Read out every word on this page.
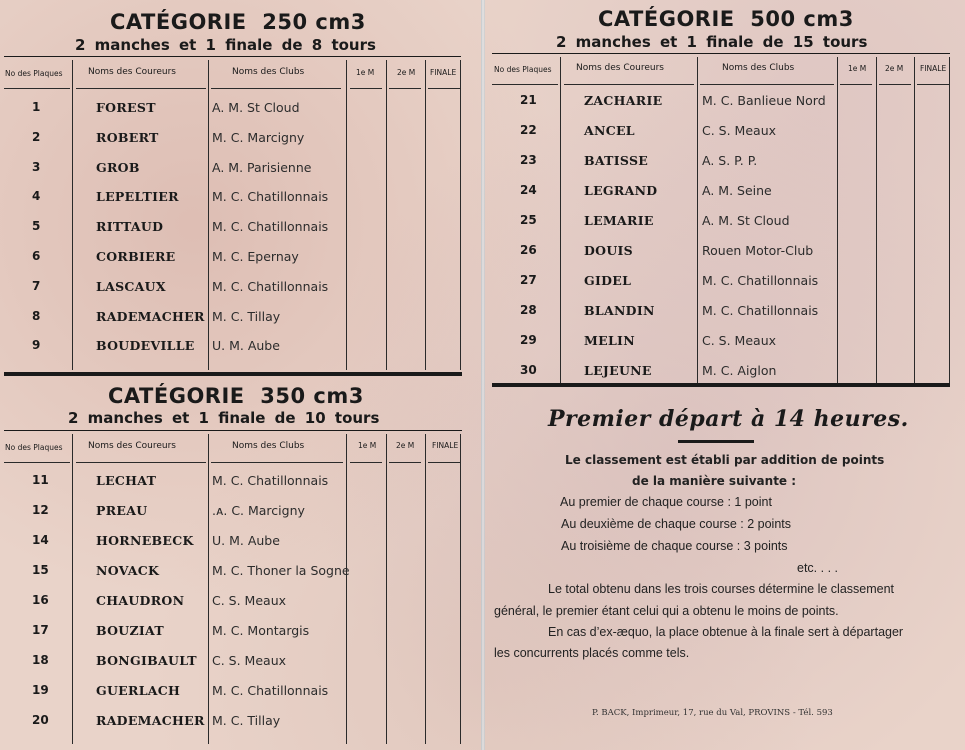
CATÉGORIE  250 cm3
2 manches et 1 finale de 8 tours
No des Plaques	Noms des Coureurs	Noms des Clubs	1e M	2e M FINALE
CATÉGORIE  350 cm3
2 manches et 1 finale de 10 tours
No des Plaques	Noms des Coureurs	Noms des Clubs	1e M	2e M FINALE
CATÉGORIE  500 cm3
2 manches et 1 finale de 15 tours
No des Plaques	Noms des Coureurs	Noms des Clubs	1e M	2e M FINALE
Premier départ à 14 heures.
Le classement est établi par addition de points
de la manière suivante :
Au premier de chaque course : 1 point
Au deuxième de chaque course : 2 points
Au troisième de chaque course : 3 points
etc. . . .
Le total obtenu dans les trois courses détermine le classement
général, le premier étant celui qui a obtenu le moins de points.
En cas d’ex-æquo, la place obtenue à la finale sert à départager
les concurrents placés comme tels.
P. BACK, Imprimeur, 17, rue du Val, PROVINS - Tél. 593
1	FOREST	A. M. St Cloud
2	ROBERT	M. C. Marcigny
3	GROB	A. M. Parisienne
4	LEPELTIER	M. C. Chatillonnais
5	RITTAUD	M. C. Chatillonnais
6	CORBIERE	M. C. Epernay
7	LASCAUX	M. C. Chatillonnais
8	RADEMACHER M. C. Tillay
9	BOUDEVILLE U. M. Aube
11	LECHAT	M. C. Chatillonnais
12	PREAU	.ᴀ. C. Marcigny
14	HORNEBECK U. M. Aube
15	NOVACK	M. C. Thoner la Sogne
16	CHAUDRON C. S. Meaux
17	BOUZIAT	M. C. Montargis
18	BONGIBAULT C. S. Meaux
19	GUERLACH	M. C. Chatillonnais
20	RADEMACHER M. C. Tillay
21	ZACHARIE	M. C. Banlieue Nord
22	ANCEL	C. S. Meaux
23	BATISSE	A. S. P. P.
24	LEGRAND	A. M. Seine
25	LEMARIE	A. M. St Cloud
26	DOUIS	Rouen Motor-Club
27	GIDEL	M. C. Chatillonnais
28	BLANDIN	M. C. Chatillonnais
29	MELIN	C. S. Meaux
30	LEJEUNE	M. C. Aiglon
